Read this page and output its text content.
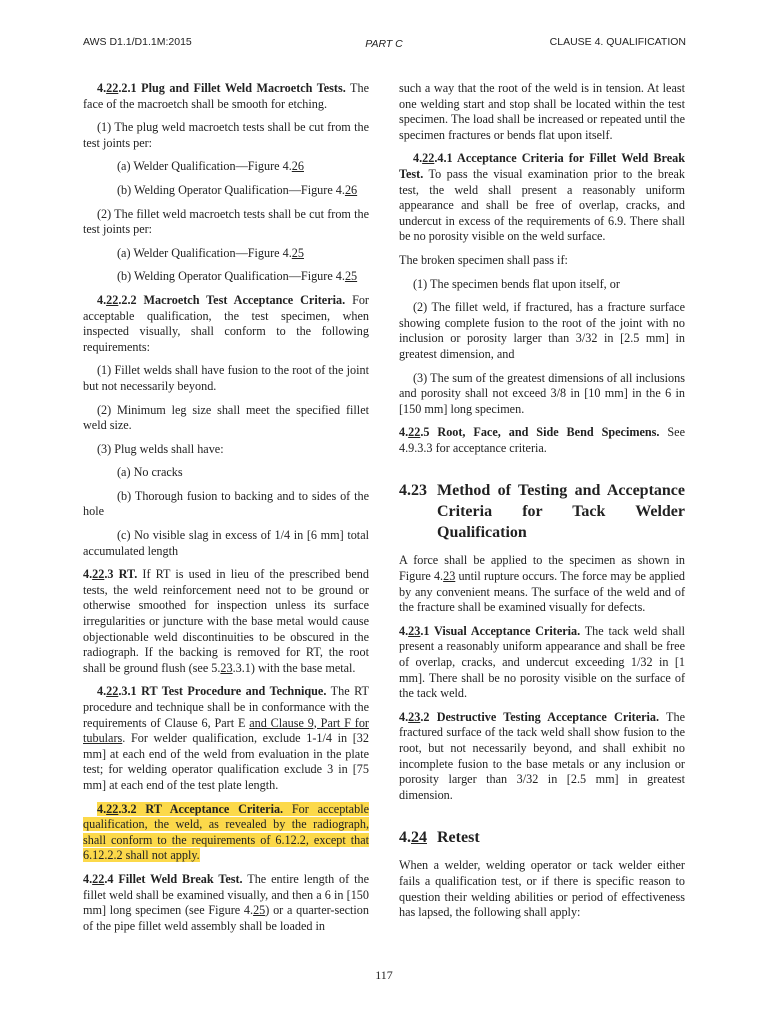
AWS D1.1/D1.1M:2015	PART C	CLAUSE 4. QUALIFICATION

4.22.2.1 Plug and Fillet Weld Macroetch Tests. The face of the macroetch shall be smooth for etching.

(1) The plug weld macroetch tests shall be cut from the test joints per:

(a) Welder Qualification—Figure 4.26

(b) Welding Operator Qualification—Figure 4.26

(2) The fillet weld macroetch tests shall be cut from the test joints per:

(a) Welder Qualification—Figure 4.25

(b) Welding Operator Qualification—Figure 4.25

4.22.2.2 Macroetch Test Acceptance Criteria. For acceptable qualification, the test specimen, when inspected visually, shall conform to the following requirements:

(1) Fillet welds shall have fusion to the root of the joint but not necessarily beyond.

(2) Minimum leg size shall meet the specified fillet weld size.

(3) Plug welds shall have:

(a) No cracks

(b) Thorough fusion to backing and to sides of the hole

(c) No visible slag in excess of 1/4 in [6 mm] total accumulated length

4.22.3 RT. If RT is used in lieu of the prescribed bend tests, the weld reinforcement need not to be ground or otherwise smoothed for inspection unless its surface irregularities or juncture with the base metal would cause objectionable weld discontinuities to be obscured in the radiograph. If the backing is removed for RT, the root shall be ground flush (see 5.23.3.1) with the base metal.

4.22.3.1 RT Test Procedure and Technique. The RT procedure and technique shall be in conformance with the requirements of Clause 6, Part E and Clause 9, Part F for tubulars. For welder qualification, exclude 1-1/4 in [32 mm] at each end of the weld from evaluation in the plate test; for welding operator qualification exclude 3 in [75 mm] at each end of the test plate length.

4.22.3.2 RT Acceptance Criteria. For acceptable qualification, the weld, as revealed by the radiograph, shall conform to the requirements of 6.12.2, except that 6.12.2.2 shall not apply.

4.22.4 Fillet Weld Break Test. The entire length of the fillet weld shall be examined visually, and then a 6 in [150 mm] long specimen (see Figure 4.25) or a quarter-section of the pipe fillet weld assembly shall be loaded in

such a way that the root of the weld is in tension. At least one welding start and stop shall be located within the test specimen. The load shall be increased or repeated until the specimen fractures or bends flat upon itself.

4.22.4.1 Acceptance Criteria for Fillet Weld Break Test. To pass the visual examination prior to the break test, the weld shall present a reasonably uniform appearance and shall be free of overlap, cracks, and undercut in excess of the requirements of 6.9. There shall be no porosity visible on the weld surface.

The broken specimen shall pass if:

(1) The specimen bends flat upon itself, or

(2) The fillet weld, if fractured, has a fracture surface showing complete fusion to the root of the joint with no inclusion or porosity larger than 3/32 in [2.5 mm] in greatest dimension, and

(3) The sum of the greatest dimensions of all inclusions and porosity shall not exceed 3/8 in [10 mm] in the 6 in [150 mm] long specimen.

4.22.5 Root, Face, and Side Bend Specimens. See 4.9.3.3 for acceptance criteria.

4.23 Method of Testing and Acceptance Criteria for Tack Welder Qualification

A force shall be applied to the specimen as shown in Figure 4.23 until rupture occurs. The force may be applied by any convenient means. The surface of the weld and of the fracture shall be examined visually for defects.

4.23.1 Visual Acceptance Criteria. The tack weld shall present a reasonably uniform appearance and shall be free of overlap, cracks, and undercut exceeding 1/32 in [1 mm]. There shall be no porosity visible on the surface of the tack weld.

4.23.2 Destructive Testing Acceptance Criteria. The fractured surface of the tack weld shall show fusion to the root, but not necessarily beyond, and shall exhibit no incomplete fusion to the base metals or any inclusion or porosity larger than 3/32 in [2.5 mm] in greatest dimension.

4.24 Retest

When a welder, welding operator or tack welder either fails a qualification test, or if there is specific reason to question their welding abilities or period of effectiveness has lapsed, the following shall apply:

117
